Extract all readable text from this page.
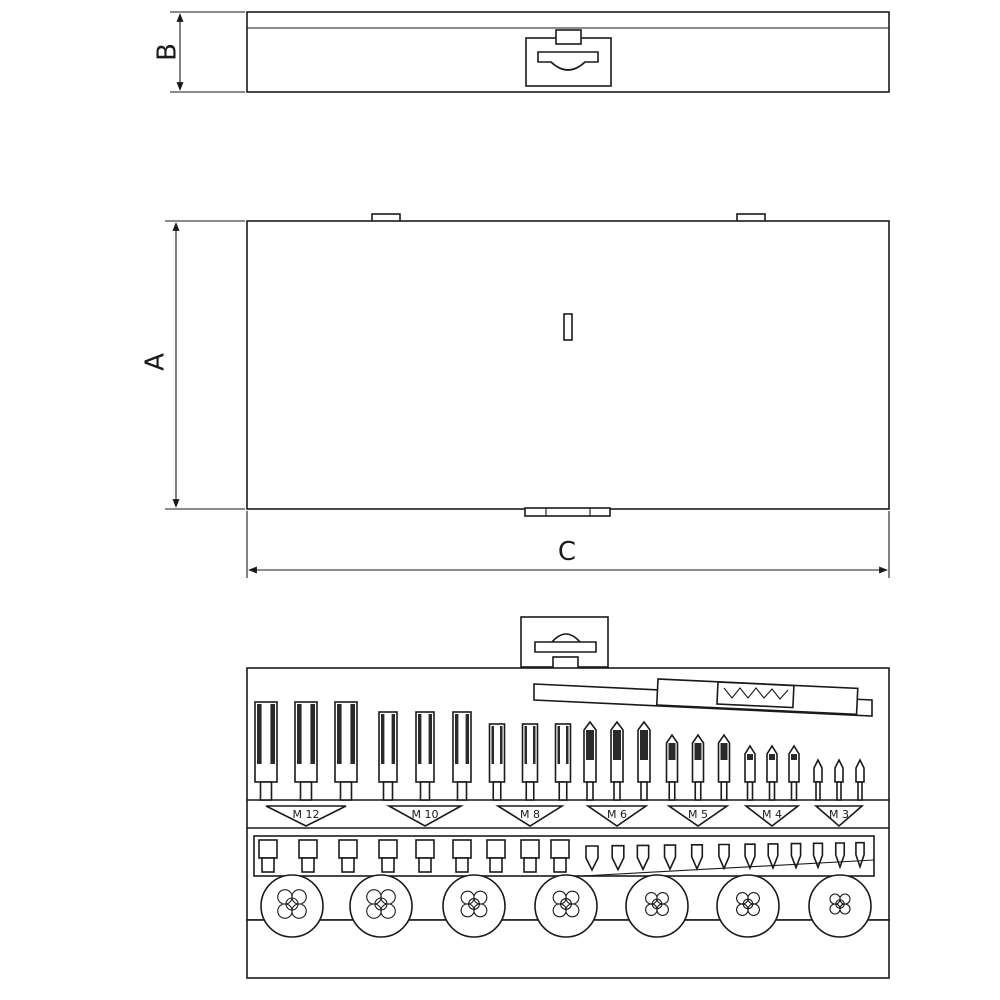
B
A
C
M 12	M 10	M 8	M 6	M 5	M 4	M 3
